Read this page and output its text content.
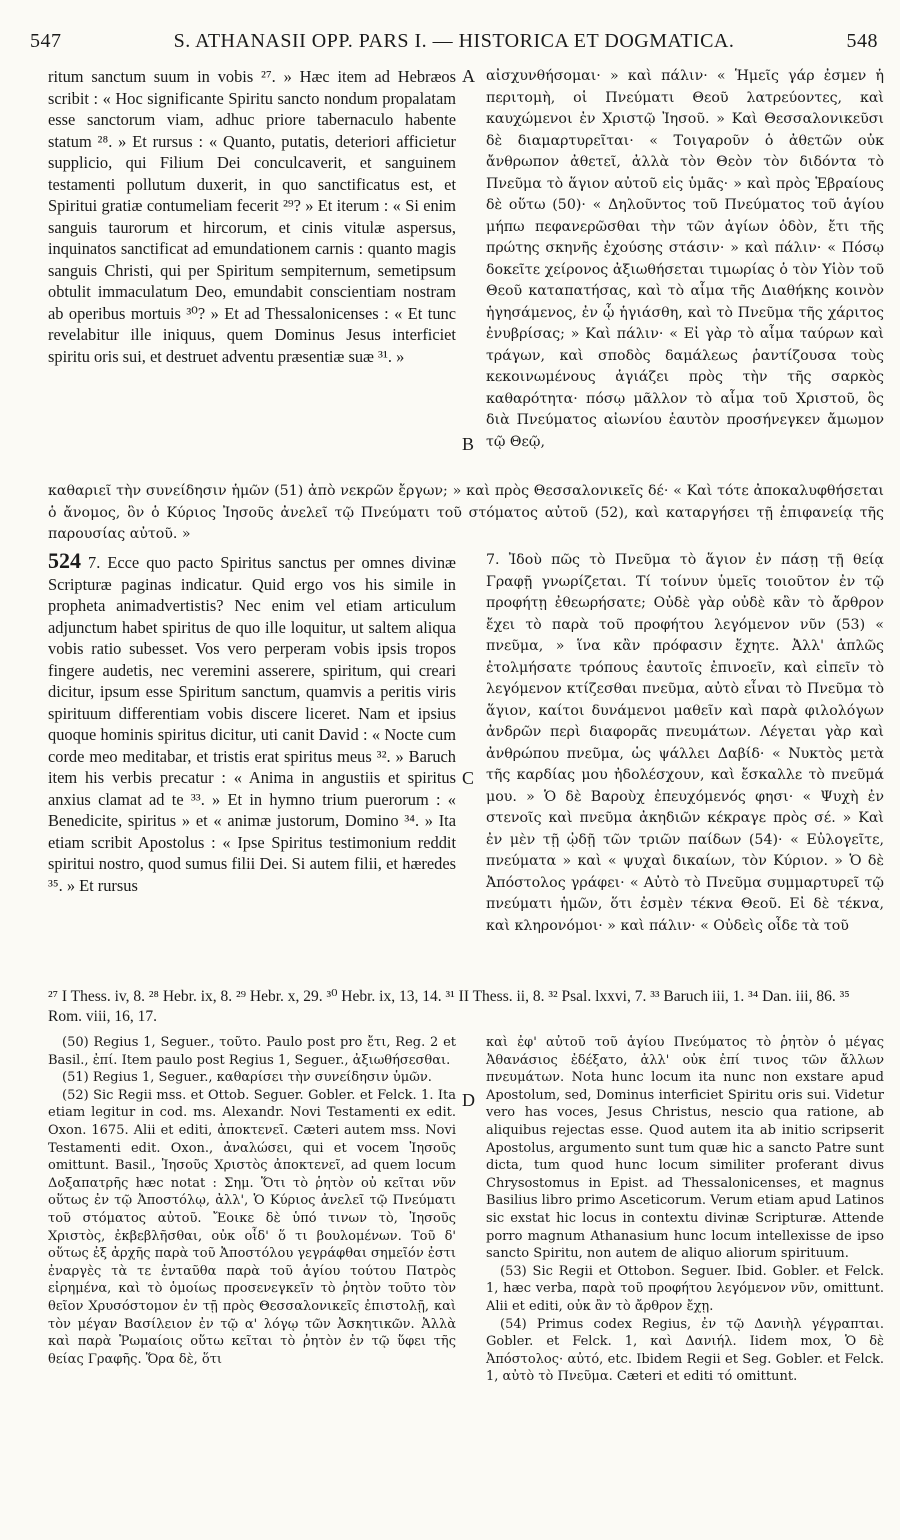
547	S. ATHANASII OPP. PARS I. — HISTORICA ET DOGMATICA.	548
ritum sanctum suum in vobis ²⁷. » Hæc item ad Hebræos scribit : « Hoc significante Spiritu sancto nondum propalatam esse sanctorum viam, adhuc priore tabernaculo habente statum ²⁸. » Et rursus : « Quanto, putatis, deteriori afficietur supplicio, qui Filium Dei conculcaverit, et sanguinem testamenti pollutum duxerit, in quo sanctificatus est, et Spiritui gratiæ contumeliam fecerit ²⁹? » Et iterum : « Si enim sanguis taurorum et hircorum, et cinis vitulæ aspersus, inquinatos sanctificat ad emundationem carnis : quanto magis sanguis Christi, qui per Spiritum sempiternum, semetipsum obtulit immaculatum Deo, emundabit conscientiam nostram ab operibus mortuis ³⁰? » Et ad Thessalonicenses : « Et tunc revelabitur ille iniquus, quem Dominus Jesus interficiet spiritu oris sui, et destruet adventu præsentiæ suæ ³¹. »
A
B
αἰσχυνθήσομαι· » καὶ πάλιν· « Ἡμεῖς γάρ ἐσμεν ἡ περιτομὴ, οἱ Πνεύματι Θεοῦ λατρεύοντες, καὶ καυχώμενοι ἐν Χριστῷ Ἰησοῦ. » Καὶ Θεσσαλονικεῦσι δὲ διαμαρτυρεῖται· « Τοιγαροῦν ὁ ἀθετῶν οὐκ ἄνθρωπον ἀθετεῖ, ἀλλὰ τὸν Θεὸν τὸν διδόντα τὸ Πνεῦμα τὸ ἅγιον αὐτοῦ εἰς ὑμᾶς· » καὶ πρὸς Ἑβραίους δὲ οὕτω (50)· « Δηλοῦντος τοῦ Πνεύματος τοῦ ἁγίου μήπω πεφανερῶσθαι τὴν τῶν ἁγίων ὁδὸν, ἔτι τῆς πρώτης σκηνῆς ἐχούσης στάσιν· » καὶ πάλιν· « Πόσῳ δοκεῖτε χείρονος ἀξιωθήσεται τιμωρίας ὁ τὸν Υἱὸν τοῦ Θεοῦ καταπατήσας, καὶ τὸ αἷμα τῆς Διαθήκης κοινὸν ἡγησάμενος, ἐν ᾧ ἡγιάσθη, καὶ τὸ Πνεῦμα τῆς χάριτος ἐνυβρίσας; » Καὶ πάλιν· « Εἰ γὰρ τὸ αἷμα ταύρων καὶ τράγων, καὶ σποδὸς δαμάλεως ῥαντίζουσα τοὺς κεκοινωμένους ἁγιάζει πρὸς τὴν τῆς σαρκὸς καθαρότητα· πόσῳ μᾶλλον τὸ αἷμα τοῦ Χριστοῦ, ὃς διὰ Πνεύματος αἰωνίου ἑαυτὸν προσήνεγκεν ἄμωμον τῷ Θεῷ,
καθαριεῖ τὴν συνείδησιν ἡμῶν (51) ἀπὸ νεκρῶν ἔργων; » καὶ πρὸς Θεσσαλονικεῖς δέ· « Καὶ τότε ἀποκαλυφθήσεται ὁ ἄνομος, ὃν ὁ Κύριος Ἰησοῦς ἀνελεῖ τῷ Πνεύματι τοῦ στόματος αὐτοῦ (52), καὶ καταργήσει τῇ ἐπιφανείᾳ τῆς παρουσίας αὐτοῦ. »
524 7. Ecce quo pacto Spiritus sanctus per omnes divinæ Scripturæ paginas indicatur. Quid ergo vos his simile in propheta animadvertistis? Nec enim vel etiam articulum adjunctum habet spiritus de quo ille loquitur, ut saltem aliqua vobis ratio subesset. Vos vero perperam vobis ipsis tropos fingere audetis, nec veremini asserere, spiritum, qui creari dicitur, ipsum esse Spiritum sanctum, quamvis a peritis viris spirituum differentiam vobis discere liceret. Nam et ipsius quoque hominis spiritus dicitur, uti canit David : « Nocte cum corde meo meditabar, et tristis erat spiritus meus ³². » Baruch item his verbis precatur : « Anima in angustiis et spiritus anxius clamat ad te ³³. » Et in hymno trium puerorum : « Benedicite, spiritus » et « animæ justorum, Domino ³⁴. » Ita etiam scribit Apostolus : « Ipse Spiritus testimonium reddit spiritui nostro, quod sumus filii Dei. Si autem filii, et hæredes ³⁵. » Et rursus
C
7. Ἰδοὺ πῶς τὸ Πνεῦμα τὸ ἅγιον ἐν πάσῃ τῇ θείᾳ Γραφῇ γνωρίζεται. Τί τοίνυν ὑμεῖς τοιοῦτον ἐν τῷ προφήτῃ ἐθεωρήσατε; Οὐδὲ γὰρ οὐδὲ κἂν τὸ ἄρθρον ἔχει τὸ παρὰ τοῦ προφήτου λεγόμενον νῦν (53) « πνεῦμα, » ἵνα κἂν πρόφασιν ἔχητε. Ἀλλ' ἁπλῶς ἐτολμήσατε τρόπους ἑαυτοῖς ἐπινοεῖν, καὶ εἰπεῖν τὸ λεγόμενον κτίζεσθαι πνεῦμα, αὐτὸ εἶναι τὸ Πνεῦμα τὸ ἅγιον, καίτοι δυνάμενοι μαθεῖν καὶ παρὰ φιλολόγων ἀνδρῶν περὶ διαφορᾶς πνευμάτων. Λέγεται γὰρ καὶ ἀνθρώπου πνεῦμα, ὡς ψάλλει Δαβίδ· « Νυκτὸς μετὰ τῆς καρδίας μου ἠδολέσχουν, καὶ ἔσκαλλε τὸ πνεῦμά μου. » Ὁ δὲ Βαροὺχ ἐπευχόμενός φησι· « Ψυχὴ ἐν στενοῖς καὶ πνεῦμα ἀκηδιῶν κέκραγε πρὸς σέ. » Καὶ ἐν μὲν τῇ ᾠδῇ τῶν τριῶν παίδων (54)· « Εὐλογεῖτε, πνεύματα » καὶ « ψυχαὶ δικαίων, τὸν Κύριον. » Ὁ δὲ Ἀπόστολος γράφει· « Αὐτὸ τὸ Πνεῦμα συμμαρτυρεῖ τῷ πνεύματι ἡμῶν, ὅτι ἐσμὲν τέκνα Θεοῦ. Εἰ δὲ τέκνα, καὶ κληρονόμοι· » καὶ πάλιν· « Οὐδεὶς οἶδε τὰ τοῦ
²⁷ I Thess. iv, 8. ²⁸ Hebr. ix, 8. ²⁹ Hebr. x, 29. ³⁰ Hebr. ix, 13, 14. ³¹ II Thess. ii, 8. ³² Psal. lxxvi, 7. ³³ Baruch iii, 1. ³⁴ Dan. iii, 86. ³⁵ Rom. viii, 16, 17.

(50) Regius 1, Seguer., τοῦτο. Paulo post pro ἔτι, Reg. 2 et Basil., ἐπί. Item paulo post Regius 1, Seguer., ἀξιωθήσεσθαι.

(51) Regius 1, Seguer., καθαρίσει τὴν συνείδησιν ὑμῶν.

(52) Sic Regii mss. et Ottob. Seguer. Gobler. et Felck. 1. Ita etiam legitur in cod. ms. Alexandr. Novi Testamenti ex edit. Oxon. 1675. Alii et editi, ἀποκτενεῖ. Cæteri autem mss. Novi Testamenti edit. Oxon., ἀναλώσει, qui et vocem Ἰησοῦς omittunt. Basil., Ἰησοῦς Χριστὸς ἀποκτενεῖ, ad quem locum Δοξαπατρῆς hæc notat : Σημ. Ὅτι τὸ ῥητὸν οὐ κεῖται νῦν οὕτως ἐν τῷ Ἀποστόλῳ, ἀλλ', Ὁ Κύριος ἀνελεῖ τῷ Πνεύματι τοῦ στόματος αὐτοῦ. Ἔοικε δὲ ὑπό τινων τὸ, Ἰησοῦς Χριστὸς, ἐκβεβλῆσθαι, οὐκ οἶδ' ὅ τι βουλομένων. Τοῦ δ' οὕτως ἐξ ἀρχῆς παρὰ τοῦ Ἀποστόλου γεγράφθαι σημεῖόν ἐστι ἐναργὲς τὰ τε ἐνταῦθα παρὰ τοῦ ἁγίου τούτου Πατρὸς εἰρημένα, καὶ τὸ ὁμοίως προσενεγκεῖν τὸ ῥητὸν τοῦτο τὸν θεῖον Χρυσόστομον ἐν τῇ πρὸς Θεσσαλονικεῖς ἐπιστολῇ, καὶ τὸν μέγαν Βασίλειον ἐν τῷ α' λόγῳ τῶν Ἀσκητικῶν. Ἀλλὰ καὶ παρὰ Ῥωμαίοις οὕτω κεῖται τὸ ῥητὸν ἐν τῷ ὕφει τῆς θείας Γραφῆς. Ὅρα δὲ, ὅτι

D

καὶ ἐφ' αὐτοῦ τοῦ ἁγίου Πνεύματος τὸ ῥητὸν ὁ μέγας Ἀθανάσιος ἐδέξατο, ἀλλ' οὐκ ἐπί τινος τῶν ἄλλων πνευμάτων. Nota hunc locum ita nunc non exstare apud Apostolum, sed, Dominus interficiet Spiritu oris sui. Videtur vero has voces, Jesus Christus, nescio qua ratione, ab aliquibus rejectas esse. Quod autem ita ab initio scripserit Apostolus, argumento sunt tum quæ hic a sancto Patre sunt dicta, tum quod hunc locum similiter proferant divus Chrysostomus in Epist. ad Thessalonicenses, et magnus Basilius libro primo Asceticorum. Verum etiam apud Latinos sic exstat hic locus in contextu divinæ Scripturæ. Attende porro magnum Athanasium hunc locum intellexisse de ipso sancto Spiritu, non autem de aliquo aliorum spirituum.

(53) Sic Regii et Ottobon. Seguer. Ibid. Gobler. et Felck. 1, hæc verba, παρὰ τοῦ προφήτου λεγόμενον νῦν, omittunt. Alii et editi, οὐκ ἂν τὸ ἄρθρον ἔχῃ.

(54) Primus codex Regius, ἐν τῷ Δανιὴλ γέγραπται. Gobler. et Felck. 1, καὶ Δανιήλ. Iidem mox, Ὁ δὲ Ἀπόστολος· αὐτό, etc. Ibidem Regii et Seg. Gobler. et Felck. 1, αὐτὸ τὸ Πνεῦμα. Cæteri et editi τό omittunt.
